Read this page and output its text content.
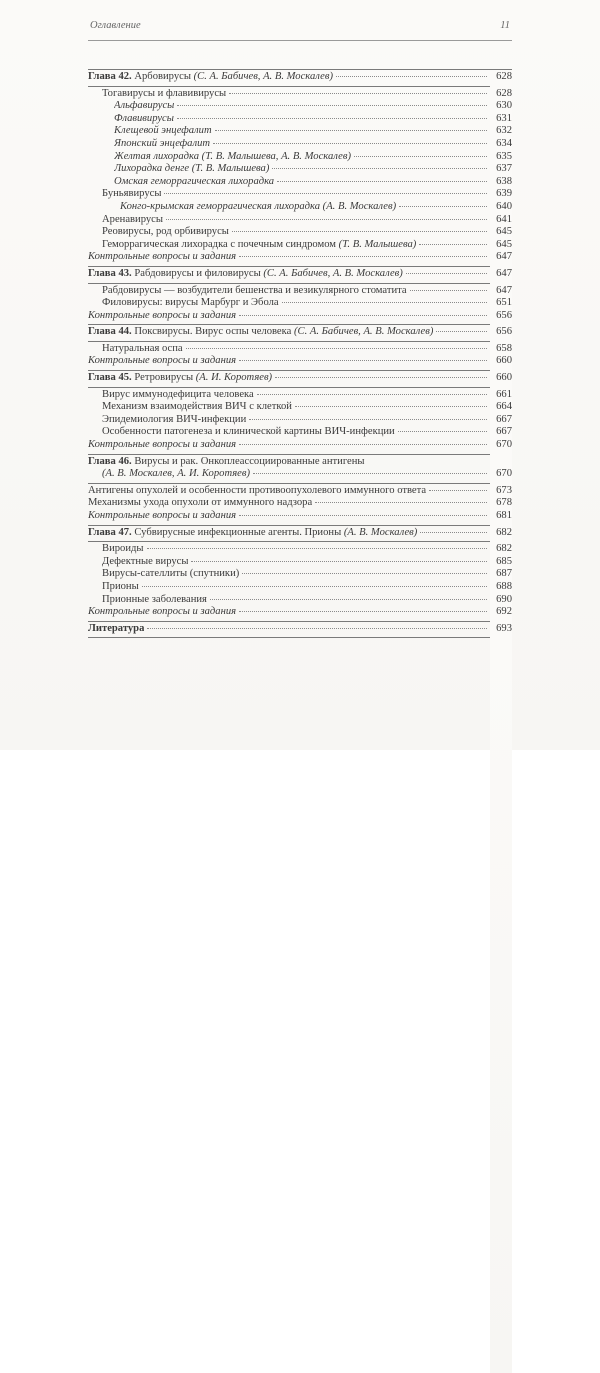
Оглавление	11
Глава 42. Арбовирусы (С. А. Бабичев, А. В. Москалев)	628
Тогавирусы и флавивирусы	628
Альфавирусы	630
Флавивирусы	631
Клещевой энцефалит	632
Японский энцефалит	634
Желтая лихорадка (Т. В. Малышева, А. В. Москалев)	635
Лихорадка денге (Т. В. Малышева)	637
Омская геморрагическая лихорадка	638
Буньявирусы	639
Конго-крымская геморрагическая лихорадка (А. В. Москалев)	640
Аренавирусы	641
Реовирусы, род орбивирусы	645
Геморрагическая лихорадка с почечным синдромом (Т. В. Малышева)	645
Контрольные вопросы и задания	647
Глава 43. Рабдовирусы и филовирусы (С. А. Бабичев, А. В. Москалев)	647
Рабдовирусы — возбудители бешенства и везикулярного стоматита	647
Филовирусы: вирусы Марбург и Эбола	651
Контрольные вопросы и задания	656
Глава 44. Поксвирусы. Вирус оспы человека (С. А. Бабичев, А. В. Москалев)	656
Натуральная оспа	658
Контрольные вопросы и задания	660
Глава 45. Ретровирусы (А. И. Коротяев)	660
Вирус иммунодефицита человека	661
Механизм взаимодействия ВИЧ с клеткой	664
Эпидемиология ВИЧ-инфекции	667
Особенности патогенеза и клинической картины ВИЧ-инфекции	667
Контрольные вопросы и задания	670
Глава 46. Вирусы и рак. Онкоплеассоциированные антигены
(А. В. Москалев, А. И. Коротяев)	670
Антигены опухолей и особенности противоопухолевого иммунного ответа	673
Механизмы ухода опухоли от иммунного надзора	678
Контрольные вопросы и задания	681
Глава 47. Субвирусные инфекционные агенты. Прионы (А. В. Москалев)	682
Вироиды	682
Дефектные вирусы	685
Вирусы-сателлиты (спутники)	687
Прионы	688
Прионные заболевания	690
Контрольные вопросы и задания	692
Литература	693
